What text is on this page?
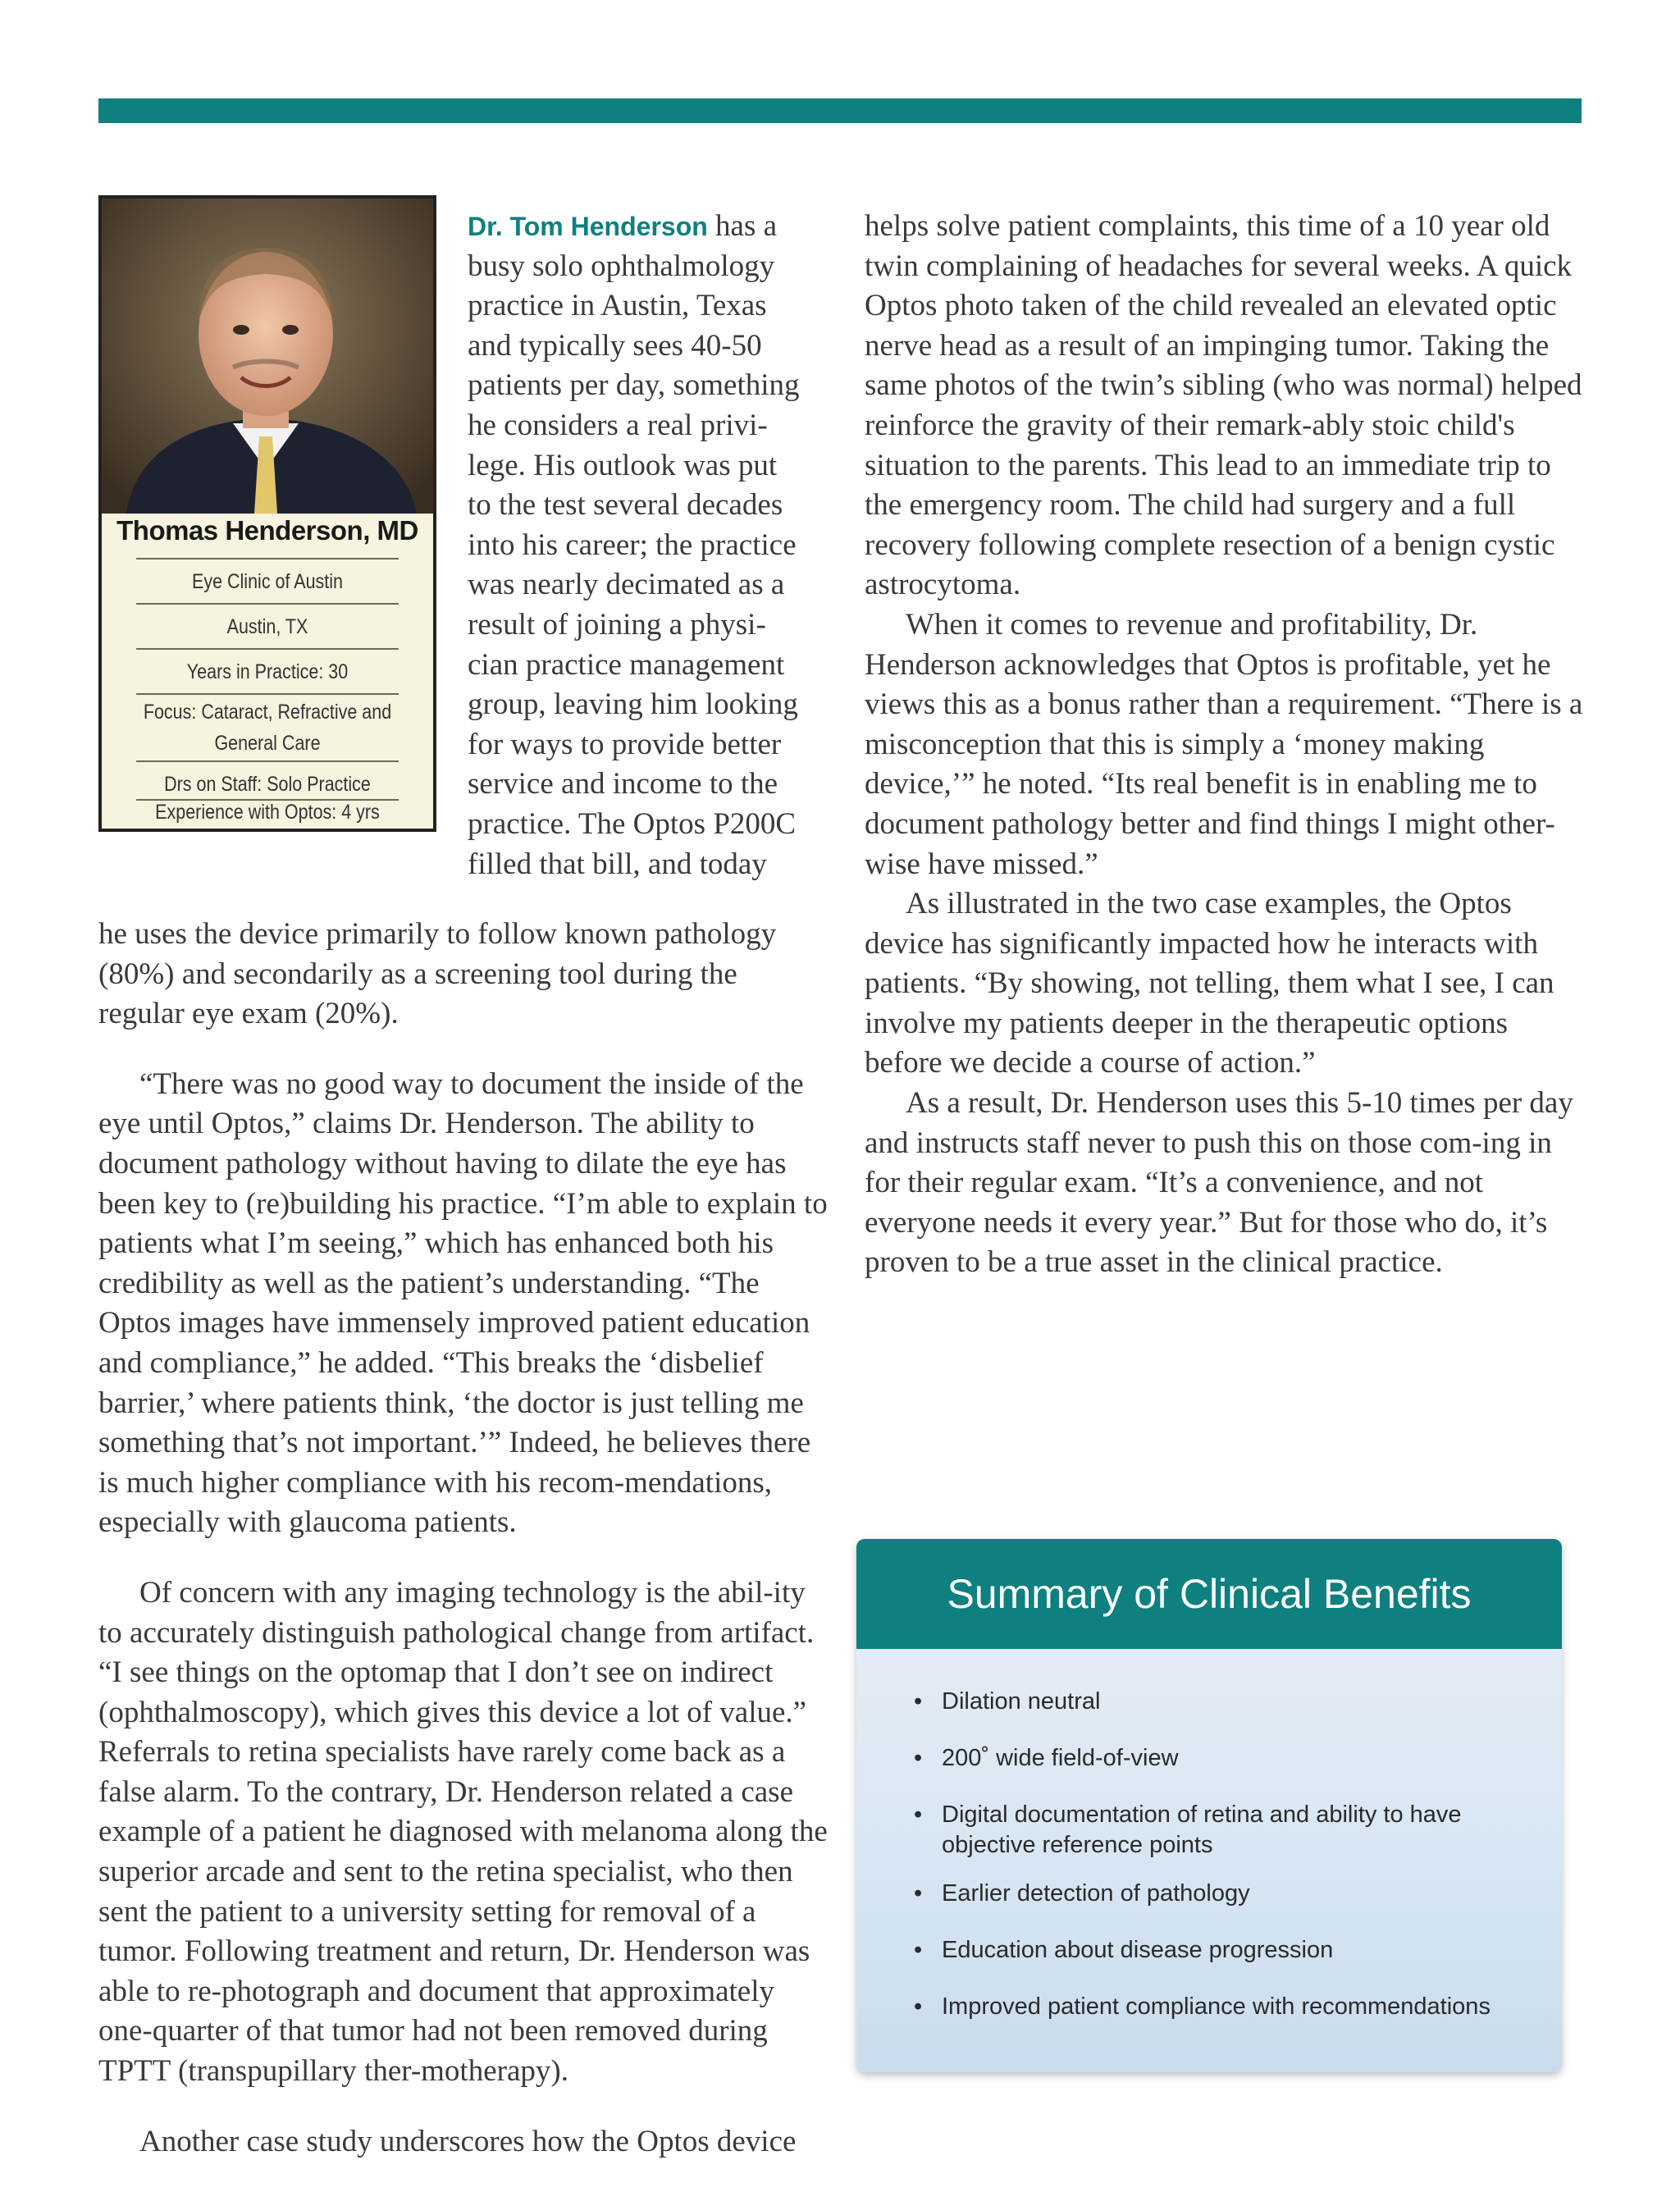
Thomas Henderson, MD
Eye Clinic of Austin
Austin, TX
Years in Practice: 30
Focus: Cataract, Refractive and General Care
Drs on Staff: Solo Practice
Experience with Optos: 4 yrs
Dr. Tom Henderson has a
busy solo ophthalmology
practice in Austin, Texas
and typically sees 40-50
patients per day, something
he considers a real privi-
lege. His outlook was put
to the test several decades
into his career; the practice
was nearly decimated as a
result of joining a physi-
cian practice management
group, leaving him looking
for ways to provide better
service and income to the
practice. The Optos P200C
filled that bill, and today

he uses the device primarily to follow known pathology (80%) and secondarily as a screening tool during the regular eye exam (20%).

“There was no good way to document the inside of the eye until Optos,” claims Dr. Henderson. The ability to document pathology without having to dilate the eye has been key to (re)building his practice. “I’m able to explain to patients what I’m seeing,” which has enhanced both his credibility as well as the patient’s understanding. “The Optos images have immensely improved patient education and compliance,” he added. “This breaks the ‘disbelief barrier,’ where patients think, ‘the doctor is just telling me something that’s not important.’” Indeed, he believes there is much higher compliance with his recom-mendations, especially with glaucoma patients.

Of concern with any imaging technology is the abil-ity to accurately distinguish pathological change from artifact. “I see things on the optomap that I don’t see on indirect (ophthalmoscopy), which gives this device a lot of value.” Referrals to retina specialists have rarely come back as a false alarm. To the contrary, Dr. Henderson related a case example of a patient he diagnosed with melanoma along the superior arcade and sent to the retina specialist, who then sent the patient to a university setting for removal of a tumor. Following treatment and return, Dr. Henderson was able to re-photograph and document that approximately one-quarter of that tumor had not been removed during TPTT (transpupillary ther-motherapy).

Another case study underscores how the Optos device

helps solve patient complaints, this time of a 10 year old twin complaining of headaches for several weeks. A quick Optos photo taken of the child revealed an elevated optic nerve head as a result of an impinging tumor. Taking the same photos of the twin’s sibling (who was normal) helped reinforce the gravity of their remark-ably stoic child's situation to the parents. This lead to an immediate trip to the emergency room. The child had surgery and a full recovery following complete resection of a benign cystic astrocytoma.

When it comes to revenue and profitability, Dr. Henderson acknowledges that Optos is profitable, yet he views this as a bonus rather than a requirement. “There is a misconception that this is simply a ‘money making device,’” he noted. “Its real benefit is in enabling me to document pathology better and find things I might other-wise have missed.”

As illustrated in the two case examples, the Optos device has significantly impacted how he interacts with patients. “By showing, not telling, them what I see, I can involve my patients deeper in the therapeutic options before we decide a course of action.”

As a result, Dr. Henderson uses this 5-10 times per day and instructs staff never to push this on those com-ing in for their regular exam. “It’s a convenience, and not everyone needs it every year.” But for those who do, it’s proven to be a true asset in the clinical practice.

Summary of Clinical Benefits
• Dilation neutral
• 200˚ wide field-of-view
• Digital documentation of retina and ability to have objective reference points
• Earlier detection of pathology
• Education about disease progression
• Improved patient compliance with recommendations
